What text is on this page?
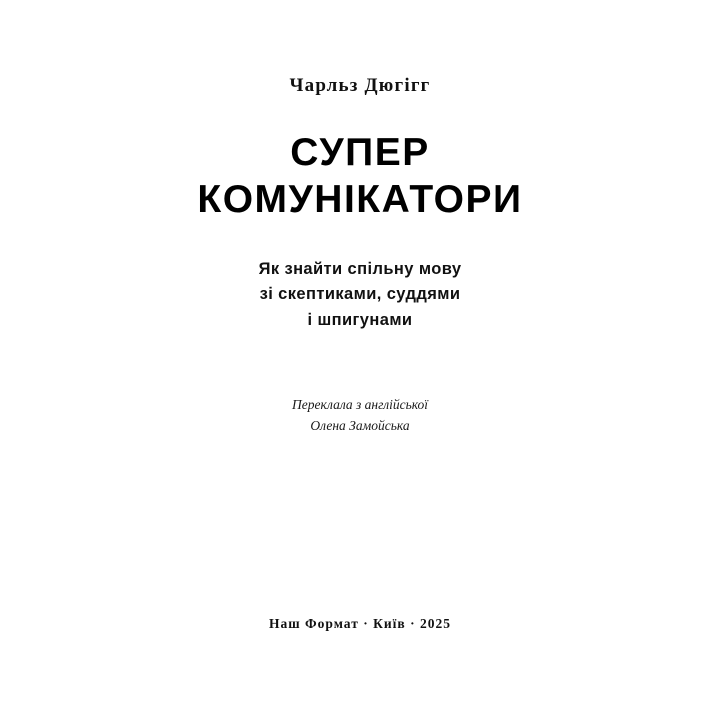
Чарльз Дюгігг
СУПЕР
КОМУНІКАТОРИ
Як знайти спільну мову
зі скептиками, суддями
і шпигунами
Переклала з англійської
Олена Замойська
Наш Формат · Київ · 2025
